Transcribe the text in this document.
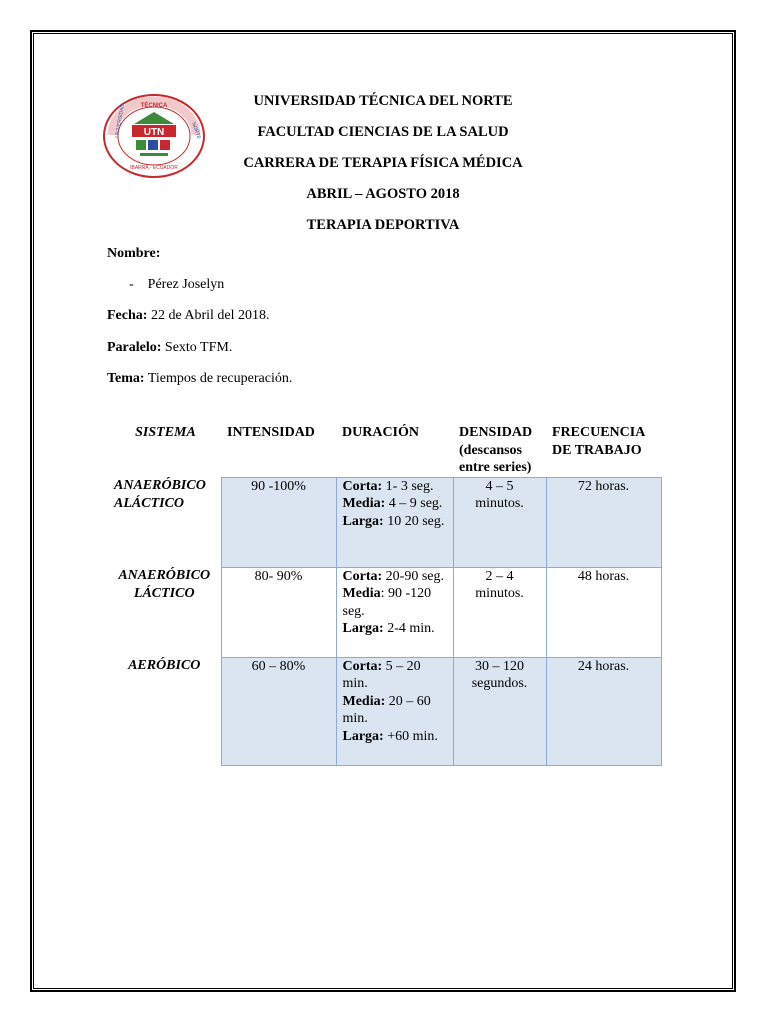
TÉCNICA
UNIVERSIDAD	NORTE
UTN
IBARRA - ECUADOR
UNIVERSIDAD TÉCNICA DEL NORTE
FACULTAD CIENCIAS DE LA SALUD
CARRERA DE TERAPIA FÍSICA MÉDICA
ABRIL – AGOSTO 2018
TERAPIA DEPORTIVA
Nombre:
-    Pérez Joselyn
Fecha: 22 de Abril del 2018.
Paralelo: Sexto TFM.
Tema: Tiempos de recuperación.
SISTEMA	INTENSIDAD	DURACIÓN	DENSIDAD
(descansos
entre series)	FRECUENCIA
DE TRABAJO
ANAERÓBICO
ALÁCTICO	90 -100%	Corta: 1- 3 seg.
Media: 4 – 9 seg.
Larga: 10 20 seg.	4 – 5 minutos.	72 horas.
ANAERÓBICO
LÁCTICO	80- 90%	Corta: 20-90 seg.
Media: 90 -120 seg.
Larga: 2-4 min.	2 – 4 minutos.	48 horas.
AERÓBICO	60 – 80%	Corta: 5 – 20 min.
Media: 20 – 60 min.
Larga: +60 min.	30 – 120 segundos.	24 horas.
